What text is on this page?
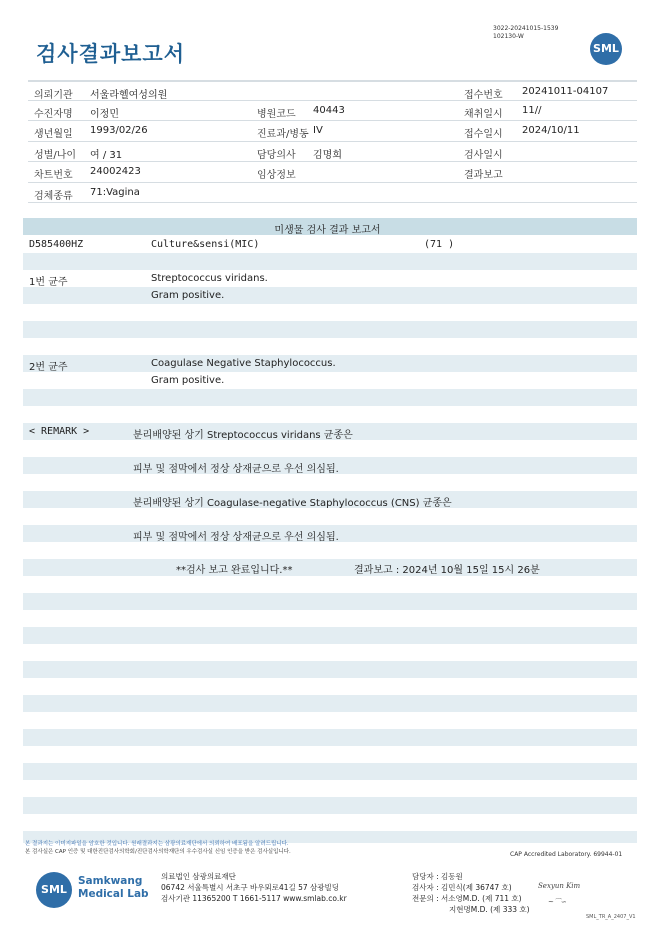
검사결과보고서
3022-20241015-1539
102130-W
SML
의뢰기관 서울라헬여성의원	접수번호 20241011-04107
수진자명 이정민	병원코드 40443	채취일시 11//
생년월일 1993/02/26	진료과/병동 IV	접수일시 2024/10/11
성별/나이 여 / 31	담당의사 김명희	검사일시
차트번호 24002423	임상정보	결과보고
검체종류 71:Vagina
미생물 검사 결과 보고서
D585400HZ	Culture&sensi(MIC)	(71 )
1번 균주	Streptococcus viridans.
Gram positive.
2번 균주	Coagulase Negative Staphylococcus.
Gram positive.
< REMARK >	분리배양된 상기 Streptococcus viridans 균종은
피부 및 점막에서 정상 상재균으로 우선 의심됨.
분리배양된 상기 Coagulase-negative Staphylococcus (CNS) 균종은
피부 및 점막에서 정상 상재균으로 우선 의심됨.
**검사 보고 완료입니다.**	결과보고 : 2024년 10월 15일 15시 26분
본 결과지는 이미지파일을 암호한 것입니다. 원래결과지는 삼광의료재단에서 의뢰하여 배포됨을 알려드립니다.
본 검사실은 CAP 인증 및 대한진단검사의학회/진단검사의학재단의 우수검사실 신임 인증을 받은 검사실입니다.	CAP Accredited Laboratory. 69944-01
SML
Samkwang
Medical Lab
의료법인 삼광의료재단
06742 서울특별시 서초구 바우뫼로41길 57 삼광빌딩
검사기관 11365200 T 1661-5117 www.smlab.co.kr
담당자 : 김동원
검사자 : 김민식(제 36747 호)
전문의 : 서소영M.D. (제 711 호)
지현명M.D. (제 333 호)
Sexyun Kim
~⌒∽
SML_TR_A_2407_V1
